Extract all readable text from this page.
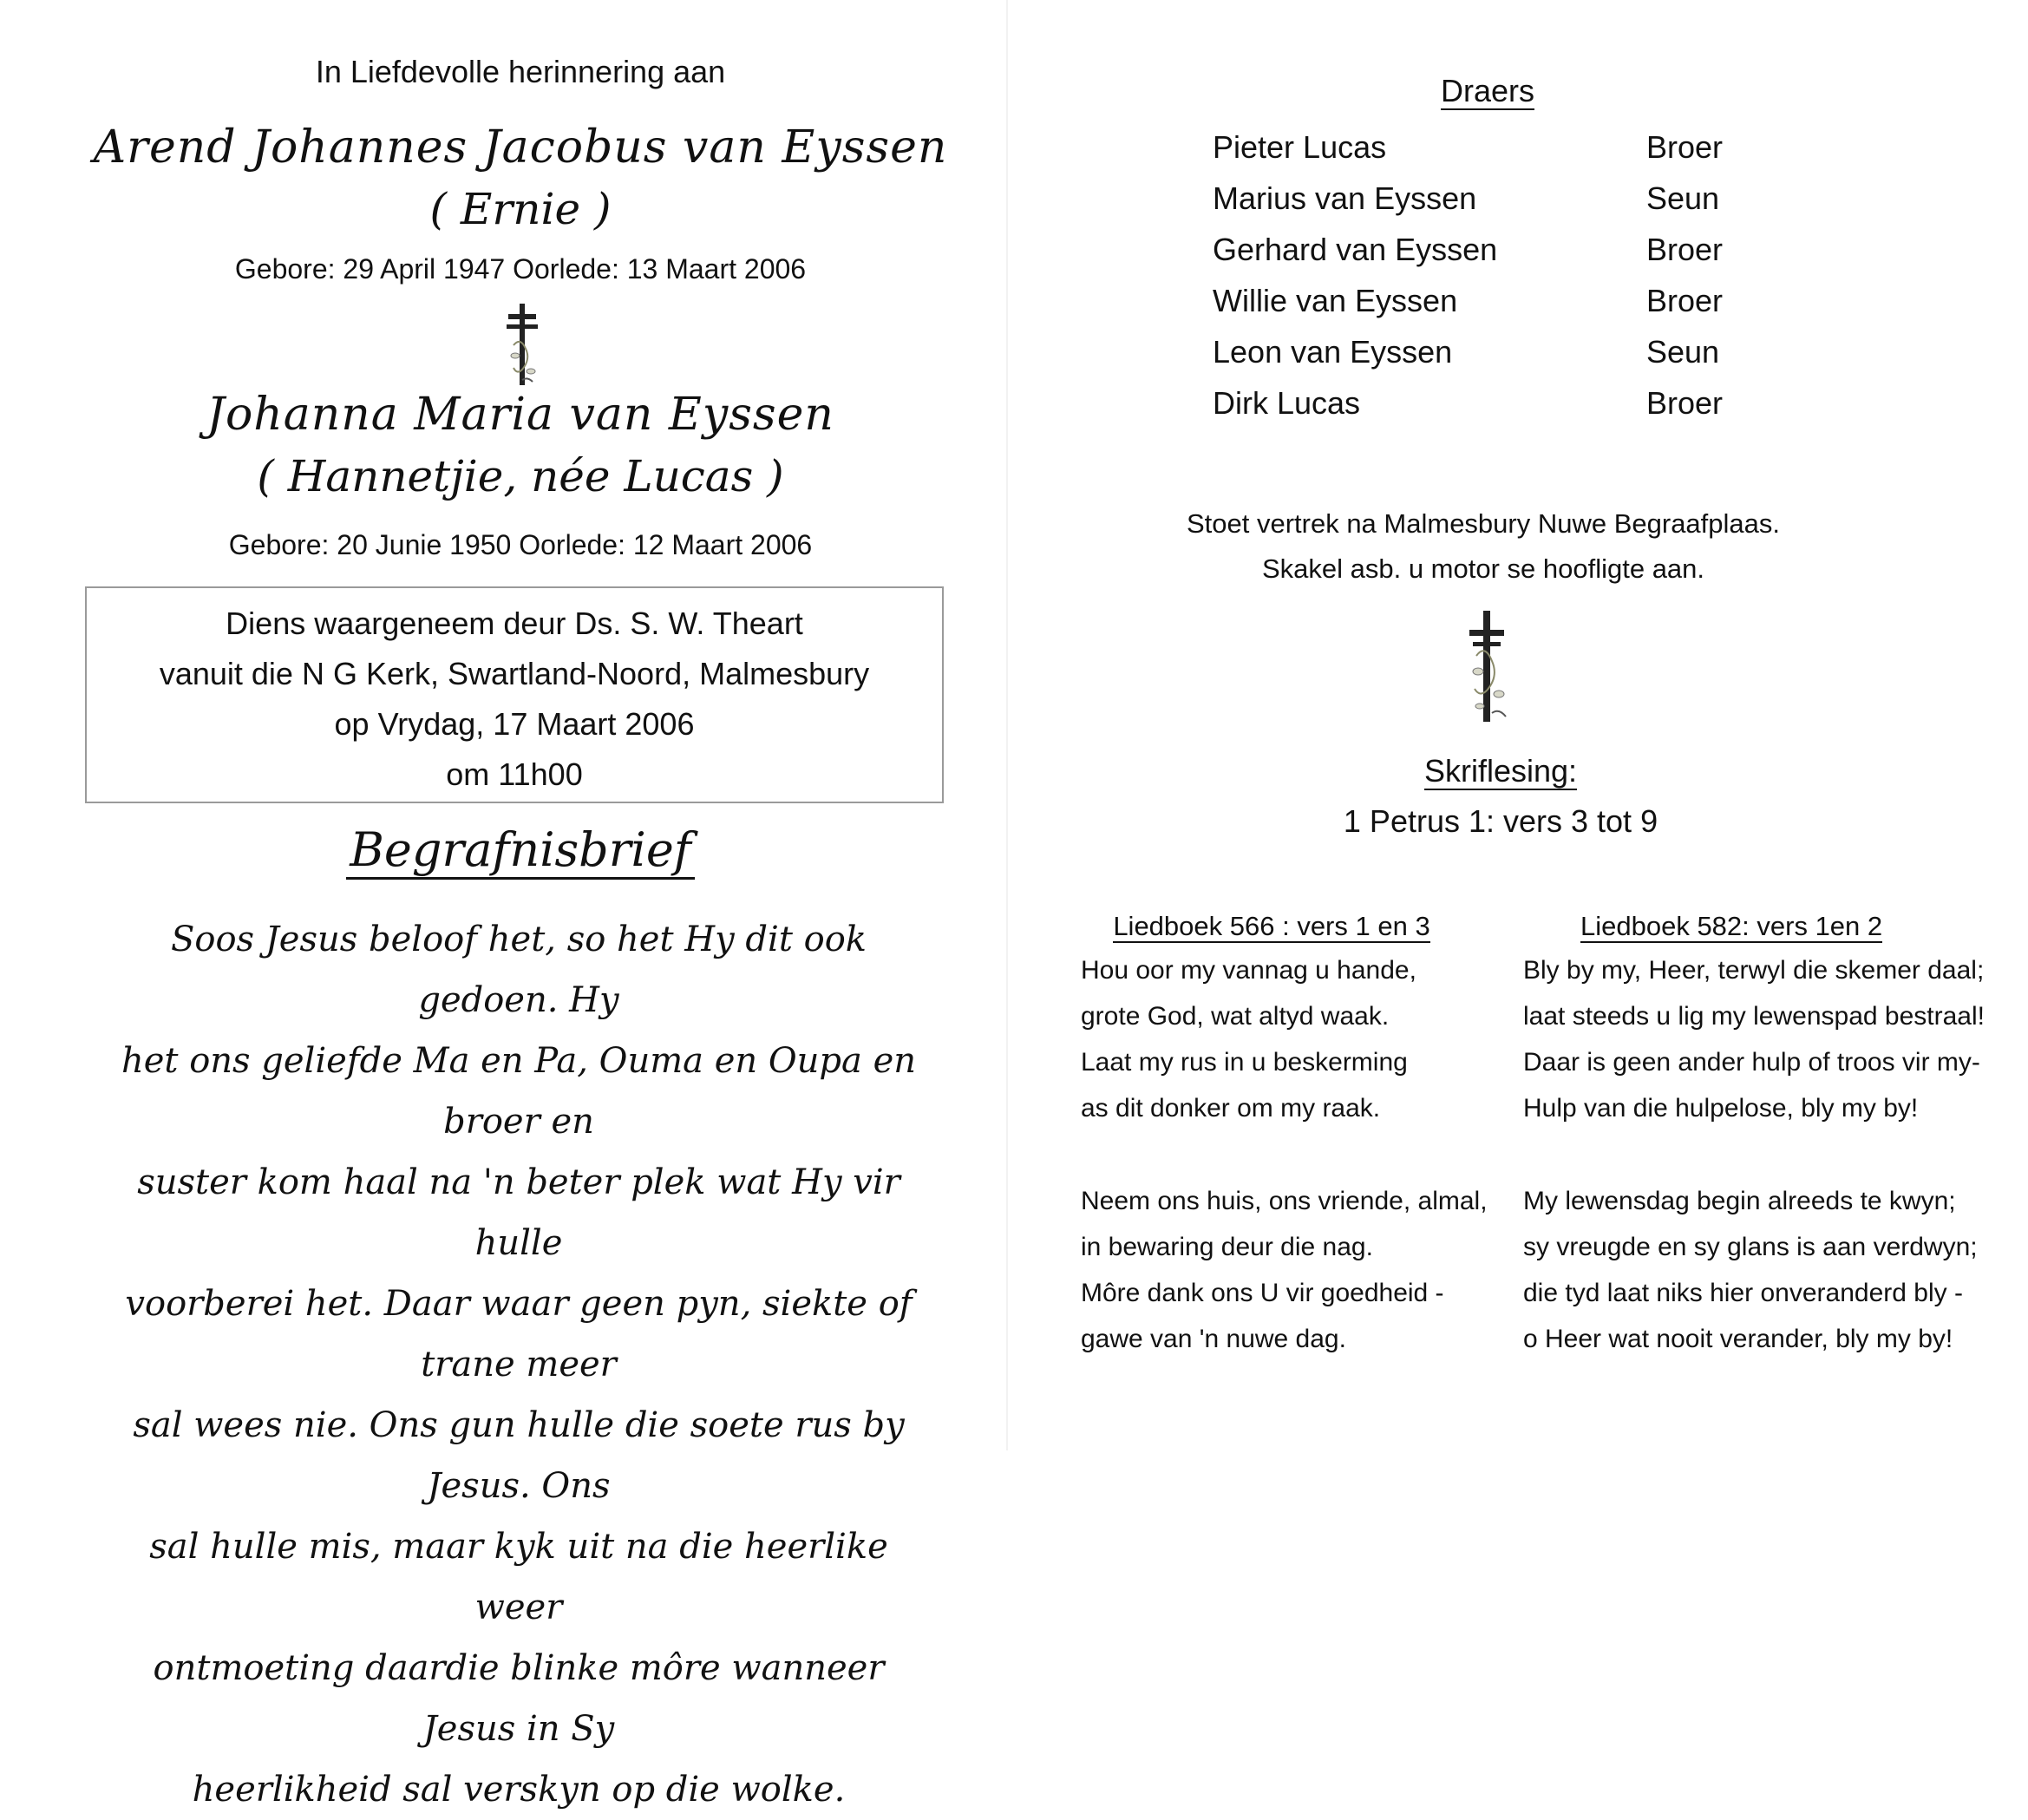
In Liefdevolle herinnering aan
Arend Johannes Jacobus van Eyssen
( Ernie )
Gebore: 29 April 1947 Oorlede: 13 Maart 2006
Johanna Maria van Eyssen
( Hannetjie, née Lucas )
Gebore: 20 Junie 1950 Oorlede: 12 Maart 2006
Diens waargeneem deur Ds. S. W. Theart
vanuit die N G Kerk, Swartland-Noord, Malmesbury
op Vrydag, 17 Maart 2006
om 11h00
Begrafnisbrief
Soos Jesus beloof het, so het Hy dit ook gedoen. Hy
het ons geliefde Ma en Pa, Ouma en Oupa en broer en
suster kom haal na 'n beter plek wat Hy vir hulle
voorberei het. Daar waar geen pyn, siekte of trane meer
sal wees nie. Ons gun hulle die soete rus by Jesus. Ons
sal hulle mis, maar kyk uit na die heerlike weer
ontmoeting daardie blinke môre wanneer Jesus in Sy
heerlikheid sal verskyn op die wolke.
Draers
Pieter Lucas	Broer
Marius van Eyssen	Seun
Gerhard van Eyssen	Broer
Willie van Eyssen	Broer
Leon van Eyssen	Seun
Dirk Lucas	Broer
Stoet vertrek na Malmesbury Nuwe Begraafplaas.
Skakel asb. u motor se hoofligte aan.
Skriflesing:
1 Petrus 1: vers 3 tot 9
Liedboek 566 : vers 1 en 3
Hou oor my vannag u hande,
grote God, wat altyd waak.
Laat my rus in u beskerming
as dit donker om my raak.
Neem ons huis, ons vriende, almal,
in bewaring deur die nag.
Môre dank ons U vir goedheid -
gawe van 'n nuwe dag.
Liedboek 582: vers 1en 2
Bly by my, Heer, terwyl die skemer daal;
laat steeds u lig my lewenspad bestraal!
Daar is geen ander hulp of troos vir my-
Hulp van die hulpelose, bly my by!
My lewensdag begin alreeds te kwyn;
sy vreugde en sy glans is aan verdwyn;
die tyd laat niks hier onveranderd bly -
o Heer wat nooit verander, bly my by!
